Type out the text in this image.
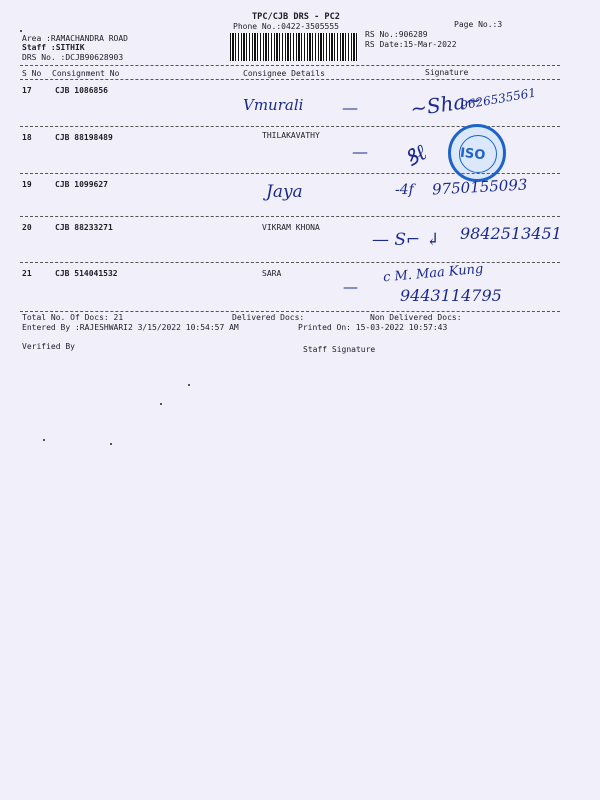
TPC/CJB DRS - PC2
Phone No.:0422-3505555	Page No.:3
Area :RAMACHANDRA ROAD
Staff :SITHIK
DRS No. :DCJB90628903
RS No.:906289
RS Date:15-Mar-2022
S No Consignment No	Consignee Details	Signature
17	CJB 1086856
Vmurali —	~Sha~
9626535561
18	CJB 88198489	THILAKAVATHY
— ꝸℓ ISO
19	CJB 1099627	Jaya	-4f 9750155093
20	CJB 88233271	VIKRAM KHONA
— S⌐ ↲ 9842513451
21	CJB 514041532	SARA
—
c M. Maa Kung
9443114795
Total No. Of Docs: 21	Delivered Docs:	Non Delivered Docs:
Entered By :RAJESHWARI2 3/15/2022 10:54:57 AM	Printed On: 15-03-2022 10:57:43
Verified By	Staff Signature
